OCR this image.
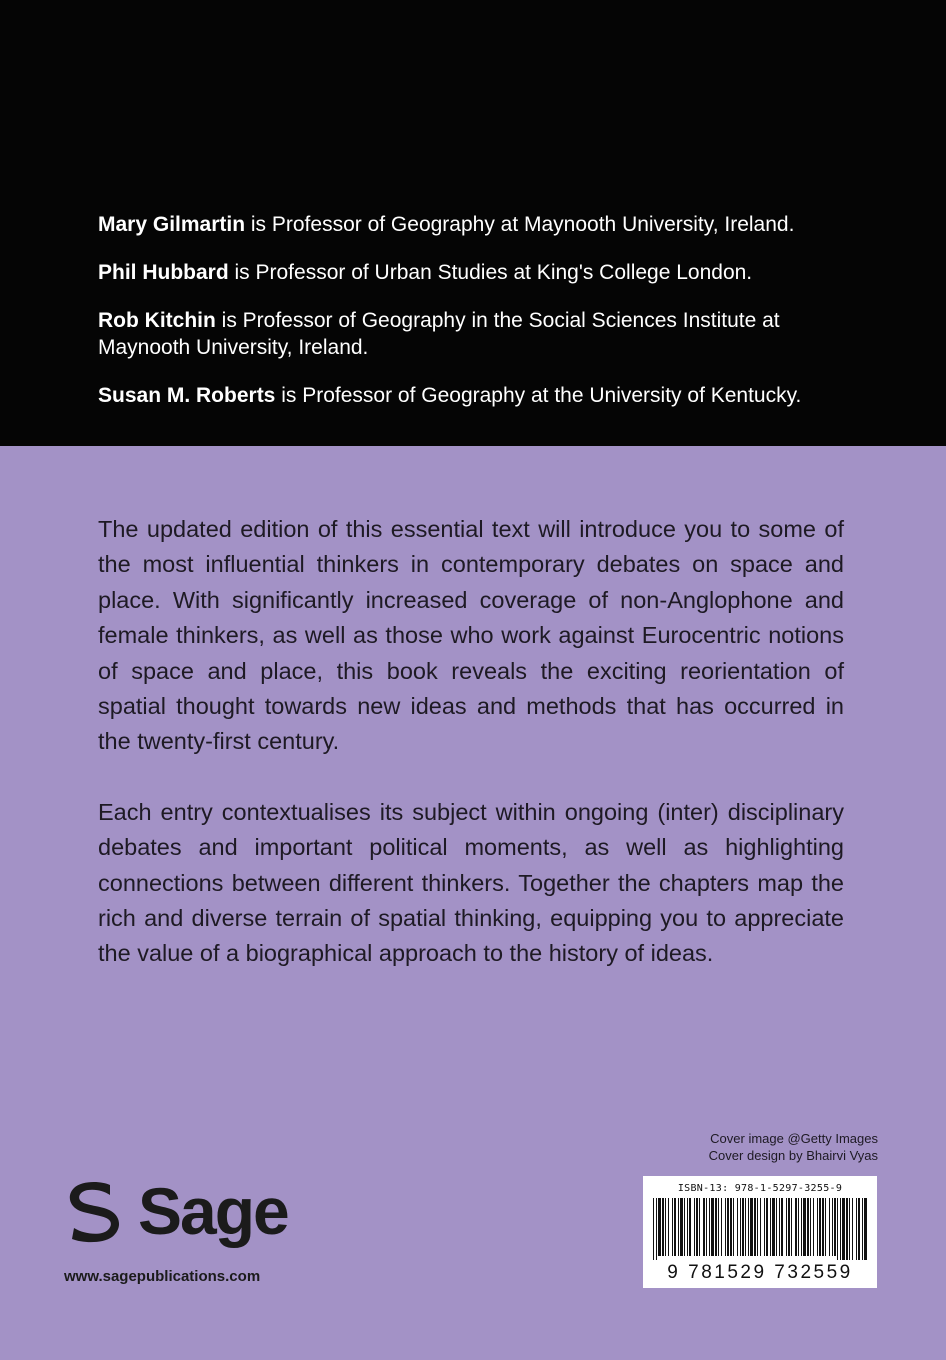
Mary Gilmartin is Professor of Geography at Maynooth University, Ireland.

Phil Hubbard is Professor of Urban Studies at King's College London.

Rob Kitchin is Professor of Geography in the Social Sciences Institute at Maynooth University, Ireland.

Susan M. Roberts is Professor of Geography at the University of Kentucky.

The updated edition of this essential text will introduce you to some of the most influential thinkers in contemporary debates on space and place. With significantly increased coverage of non-Anglophone and female thinkers, as well as those who work against Eurocentric notions of space and place, this book reveals the exciting reorientation of spatial thought towards new ideas and methods that has occurred in the twenty-first century.

Each entry contextualises its subject within ongoing (inter) disciplinary debates and important political moments, as well as highlighting connections between different thinkers. Together the chapters map the rich and diverse terrain of spatial thinking, equipping you to appreciate the value of a biographical approach to the history of ideas.

Cover image @Getty Images
Cover design by Bhairvi Vyas
Sage
www.sagepublications.com
ISBN-13: 978-1-5297-3255-9
9 781529 732559
